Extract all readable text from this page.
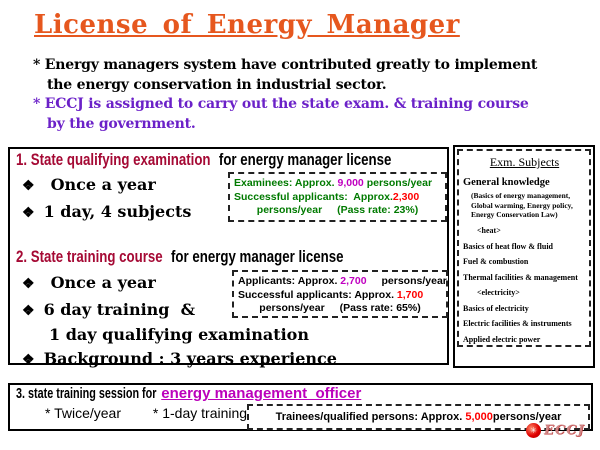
License of Energy Manager
* Energy managers system have contributed greatly to implement
the energy conservation in industrial sector.
* ECCJ is assigned to carry out the state exam. & training course
by the government.
1. State qualifying examination for energy manager license
❖ Once a year
❖ 1 day, 4 subjects
Examinees: Approx. 9,000 persons/year
Successful applicants:  Approx.2,300
persons/year (Pass rate: 23%)
2. State training course for energy manager license
❖ Once a year
❖ 6 day training  &
1 day qualifying examination
❖ Background : 3 years experience
Applicants: Approx. 2,700 persons/year
Successful applicants: Approx. 1,700
persons/year (Pass rate: 65%)
Exm. Subjects
General knowledge
(Basics of energy management, Global warming, Energy policy, Energy Conservation Law)
<heat>
Basics of heat flow & fluid
Fuel & combustion
Thermal facilities & management
<electricity>
Basics of electricity
Electric facilities & instruments
Applied electric power
3. state training session for energy management  officer
* Twice/year * 1-day training	Trainees/qualified persons: Approx. 5,000persons/year
✳ ECCJ
